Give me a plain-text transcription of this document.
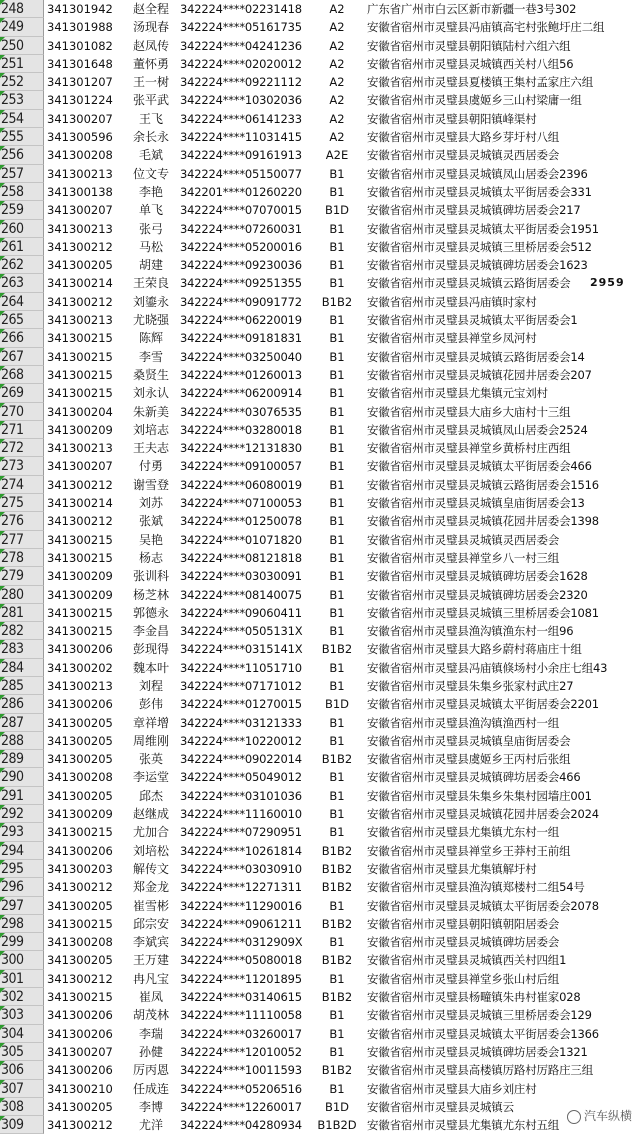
248	341301942	赵全程 342224****02231418	A2	广东省广州市白云区新市新疆一巷3号302
249	341301988	汤现春 342224****05161735	A2	安徽省宿州市灵璧县冯庙镇高宅村张鲍圩庄二组
250	341301082	赵凤传 342224****04241236	A2	安徽省宿州市灵璧县朝阳镇陆村六组六组
251	341301648	董怀勇 342224****02020012	A2	安徽省宿州市灵璧县灵城镇西关村八组56
252	341301207	王一树 342224****09221112	A2	安徽省宿州市灵璧县夏楼镇王集村孟家庄六组
253	341301224	张平武 342224****10302036	A2	安徽省宿州市灵璧县虞姬乡三山村梁庸一组
254	341300207	王飞	342224****06141233	A2	安徽省宿州市灵璧县朝阳镇峰渠村
255	341300596	余长永 342224****11031415	A2	安徽省宿州市灵璧县大路乡芽圩村八组
256	341300208	毛斌	342224****09161913	A2E	安徽省宿州市灵璧县灵城镇灵西居委会
257	341300213	位文专 342224****05150077	B1	安徽省宿州市灵璧县灵城镇凤山居委会2396
258	341300138	李艳	342201****01260220	B1	安徽省宿州市灵璧县灵城镇太平街居委会331
259	341300207	单飞	342224****07070015	B1D	安徽省宿州市灵璧县灵城镇碑坊居委会217
260	341300213	张弓	342224****07260031	B1	安徽省宿州市灵璧县灵城镇太平街居委会1951
261	341300212	马松	342224****05200016	B1	安徽省宿州市灵璧县灵城镇三里桥居委会512
262	341300205	胡建	342224****09230036	B1	安徽省宿州市灵璧县灵城镇碑坊居委会1623
263	341300214	王荣良 342224****09251355	B1	安徽省宿州市灵璧县灵城镇云路街居委会	2959
264	341300212	刘鎏永 342224****09091772	B1B2	安徽省宿州市灵璧县冯庙镇时家村
265	341300213	尤晓强 342224****06220019	B1	安徽省宿州市灵璧县灵城镇太平街居委会1
266	341300215	陈辉	342224****09181831	B1	安徽省宿州市灵璧县禅堂乡凤河村
267	341300215	李雪	342224****03250040	B1	安徽省宿州市灵璧县灵城镇云路街居委会14
268	341300215	桑贤生 342224****01260013	B1	安徽省宿州市灵璧县灵城镇花园井居委会207
269	341300215	刘永认 342224****06200914	B1	安徽省宿州市灵璧县尤集镇元宝刘村
270	341300204	朱新美 342224****03076535	B1	安徽省宿州市灵璧县大庙乡大庙村十三组
271	341300209	刘培志 342224****03280018	B1	安徽省宿州市灵璧县灵城镇凤山居委会2524
272	341300213	王夫志 342224****12131830	B1	安徽省宿州市灵璧县禅堂乡黄桥村庄西组
273	341300207	付勇	342224****09100057	B1	安徽省宿州市灵璧县灵城镇太平街居委会466
274	341300212	谢雪登 342224****06080019	B1	安徽省宿州市灵璧县灵城镇云路街居委会1516
275	341300214	刘苏	342224****07100053	B1	安徽省宿州市灵璧县灵城镇皇庙街居委会13
276	341300212	张斌	342224****01250078	B1	安徽省宿州市灵璧县灵城镇花园井居委会1398
277	341300215	吴艳	342224****01071820	B1	安徽省宿州市灵璧县灵城镇灵西居委会
278	341300215	杨志	342224****08121818	B1	安徽省宿州市灵璧县禅堂乡八一村三组
279	341300209	张训科 342224****03030091	B1	安徽省宿州市灵璧县灵城镇碑坊居委会1628
280	341300209	杨芝林 342224****08140075	B1	安徽省宿州市灵璧县灵城镇碑坊居委会2320
281	341300215	郭德永 342224****09060411	B1	安徽省宿州市灵璧县灵城镇三里桥居委会1081
282	341300215	李金昌 342224****0505131X	B1	安徽省宿州市灵璧县渔沟镇渔东村一组96
283	341300206	彭现得 342224****0315141X	B1B2	安徽省宿州市灵璧县大路乡蔚村蒋庙庄十组
284	341300202	魏本叶 342224****11051710	B1	安徽省宿州市灵璧县冯庙镇倏场村小余庄七组43
285	341300213	刘程	342224****07171012	B1	安徽省宿州市灵璧县朱集乡张家村武庄27
286	341300206	彭伟	342224****01270015	B1D	安徽省宿州市灵璧县灵城镇太平街居委会2201
287	341300205	章祥增 342224****03121333	B1	安徽省宿州市灵璧县渔沟镇渔西村一组
288	341300205	周维刚 342224****10220012	B1	安徽省宿州市灵璧县灵城镇皇庙街居委会
289	341300205	张英	342224****09022014	B1B2	安徽省宿州市灵璧县虞姬乡王丙村后张组
290	341300208	李运堂 342224****05049012	B1	安徽省宿州市灵璧县灵城镇碑坊居委会466
291	341300205	邱杰	342224****03101036	B1	安徽省宿州市灵璧县朱集乡朱集村园墙庄001
292	341300209	赵继成 342224****11160010	B1	安徽省宿州市灵璧县灵城镇花园井居委会2024
293	341300215	尤加合 342224****07290951	B1	安徽省宿州市灵璧县尤集镇尤东村一组
294	341300206	刘培松 342224****10261814	B1B2	安徽省宿州市灵璧县禅堂乡王莽村王前组
295	341300203	解传文 342224****03030910	B1B2	安徽省宿州市灵璧县尤集镇解圩村
296	341300212	郑金龙 342224****12271311	B1B2	安徽省宿州市灵璧县渔沟镇郑楼村二组54号
297	341300205	崔雪彬 342224****11290016	B1	安徽省宿州市灵璧县灵城镇太平街居委会2078
298	341300215	邱宗安 342224****09061211	B1B2	安徽省宿州市灵璧县朝阳镇朝阳居委会
299	341300208	李斌宾 342224****0312909X	B1	安徽省宿州市灵璧县灵城镇碑坊居委会
300	341300205	王万建 342224****05080018	B1B2	安徽省宿州市灵璧县灵城镇西关村四组1
301	341300212	冉凡宝 342224****11201895	B1	安徽省宿州市灵璧县禅堂乡张山村后组
302	341300215	崔凤	342224****03140615	B1B2	安徽省宿州市灵璧县杨疃镇朱冉村崔家028
303	341300206	胡茂林 342224****11110058	B1	安徽省宿州市灵璧县灵城镇三里桥居委会129
304	341300206	李瑞	342224****03260017	B1	安徽省宿州市灵璧县灵城镇太平街居委会1366
305	341300207	孙健	342224****12010052	B1	安徽省宿州市灵璧县灵城镇碑坊居委会1321
306	341300206	厉丙恩 342224****10011593	B1B2	安徽省宿州市灵璧县高楼镇厉路村厉路庄三组
307	341300210	任成连 342224****05206516	B1	安徽省宿州市灵璧县大庙乡刘庄村
308	341300205	李博	342224****12260017	B1D	安徽省宿州市灵璧县灵城镇云
309	341300212	尤洋	342224****04280934 B1B2D 安徽省宿州市灵璧县尤集镇尤东村五组
汽车纵横
